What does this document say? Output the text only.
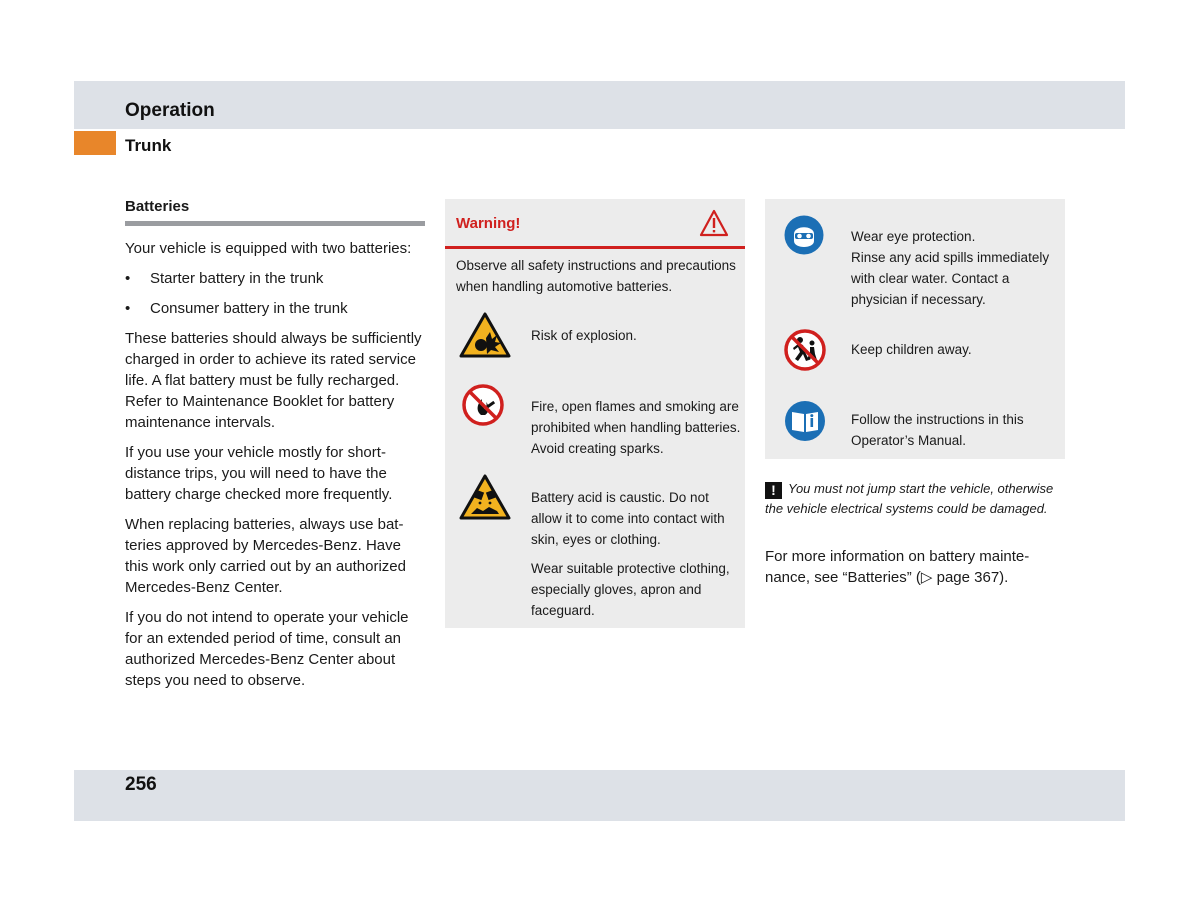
Operation
Trunk
Batteries

Your vehicle is equipped with two batteries:

• Starter battery in the trunk
• Consumer battery in the trunk

These batteries should always be sufficiently charged in order to achieve its rated service life. A flat battery must be fully recharged. Refer to Maintenance Booklet for battery maintenance intervals.

If you use your vehicle mostly for short-distance trips, you will need to have the battery charge checked more frequently.

When replacing batteries, always use batteries approved by Mercedes-Benz. Have this work only carried out by an authorized Mercedes-Benz Center.

If you do not intend to operate your vehicle for an extended period of time, consult an authorized Mercedes-Benz Center about steps you need to observe.

Warning!
Observe all safety instructions and precautions when handling automotive batteries.
Risk of explosion.
Fire, open flames and smoking are prohibited when handling batteries. Avoid creating sparks.
Battery acid is caustic. Do not allow it to come into contact with skin, eyes or clothing.
Wear suitable protective clothing, especially gloves, apron and faceguard.
Wear eye protection.
Rinse any acid spills immediately with clear water. Contact a physician if necessary.
Keep children away.
Follow the instructions in this Operator’s Manual.
! You must not jump start the vehicle, otherwise the vehicle electrical systems could be damaged.
For more information on battery maintenance, see “Batteries” (▷ page 367).
256
